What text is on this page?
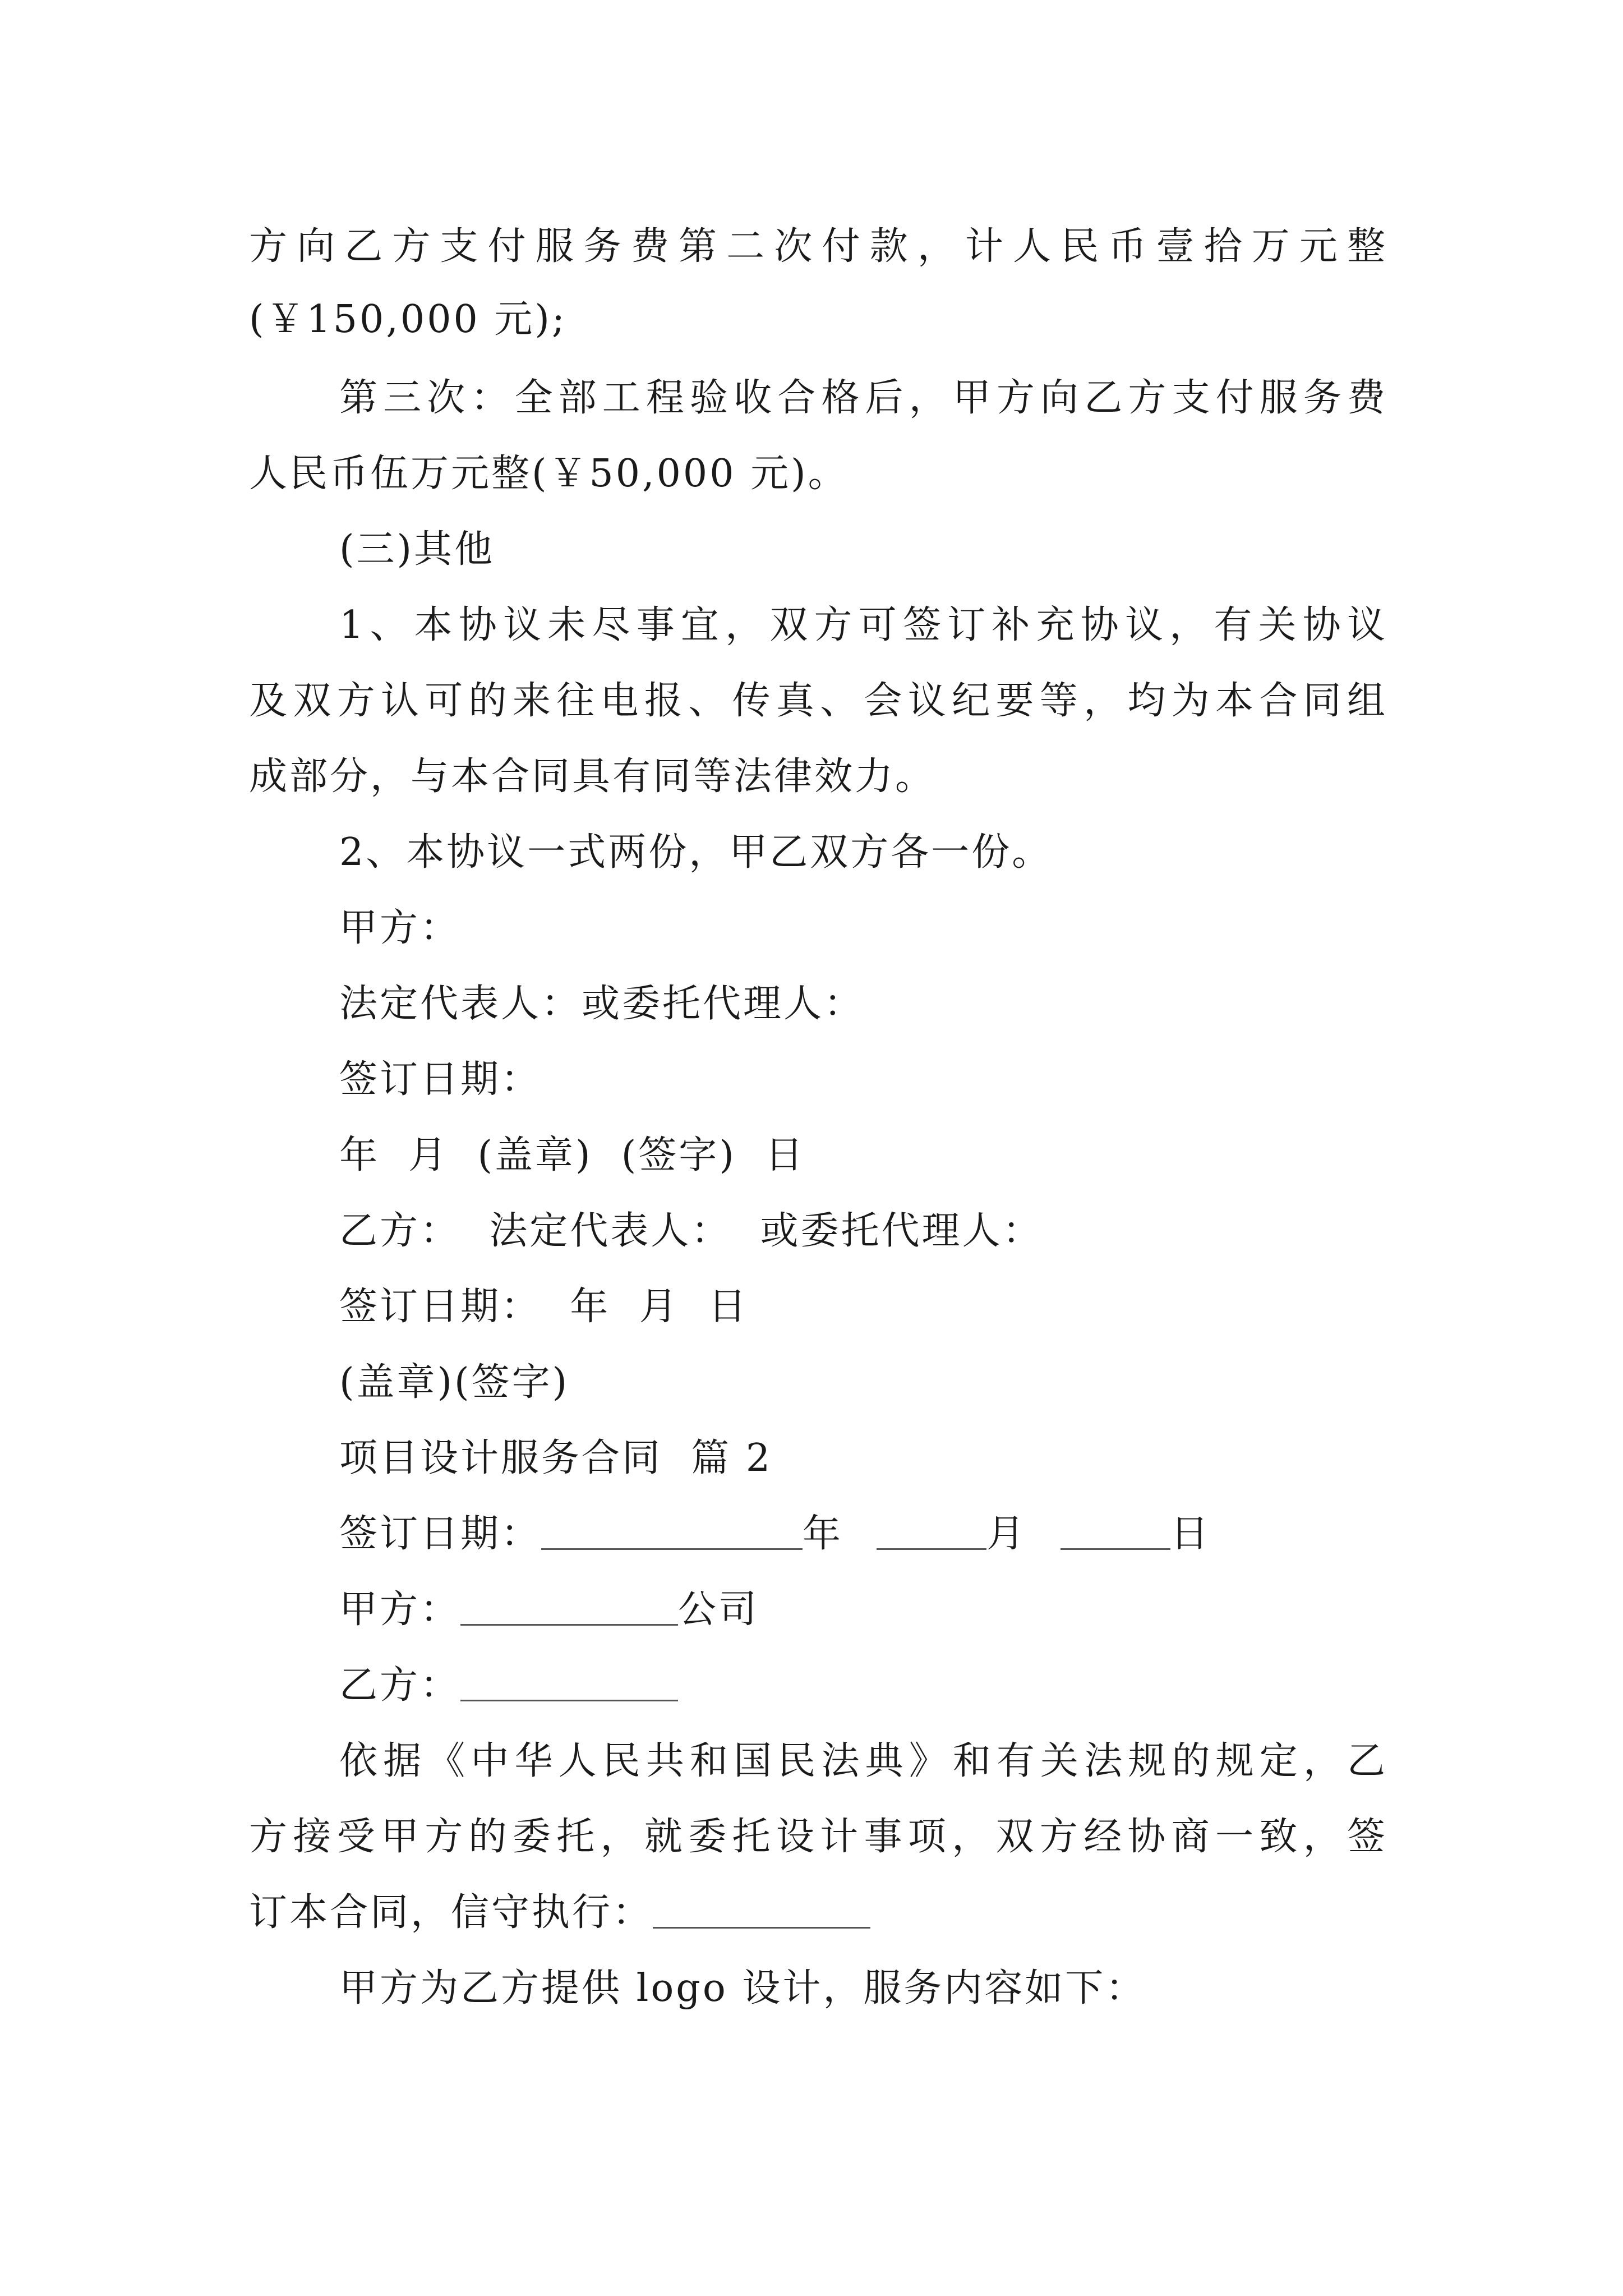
方向乙方支付服务费第二次付款，计人民币壹拾万元整

(￥150,000 元);

第三次：全部工程验收合格后，甲方向乙方支付服务费

人民币伍万元整(￥50,000 元)。

(三)其他

1、本协议未尽事宜，双方可签订补充协议，有关协议

及双方认可的来往电报、传真、会议纪要等，均为本合同组

成部分，与本合同具有同等法律效力。

2、本协议一式两份，甲乙双方各一份。

甲方：

法定代表人：或委托代理人：

签订日期：

年  月  (盖章)  (签字)  日

乙方：  法定代表人：  或委托代理人：

签订日期：  年  月  日

(盖章)(签字)

项目设计服务合同  篇 2

签订日期：	年	月	日

甲方：	公司

乙方：

依据《中华人民共和国民法典》和有关法规的规定，乙

方接受甲方的委托，就委托设计事项，双方经协商一致，签

订本合同，信守执行：

甲方为乙方提供 logo 设计，服务内容如下：
